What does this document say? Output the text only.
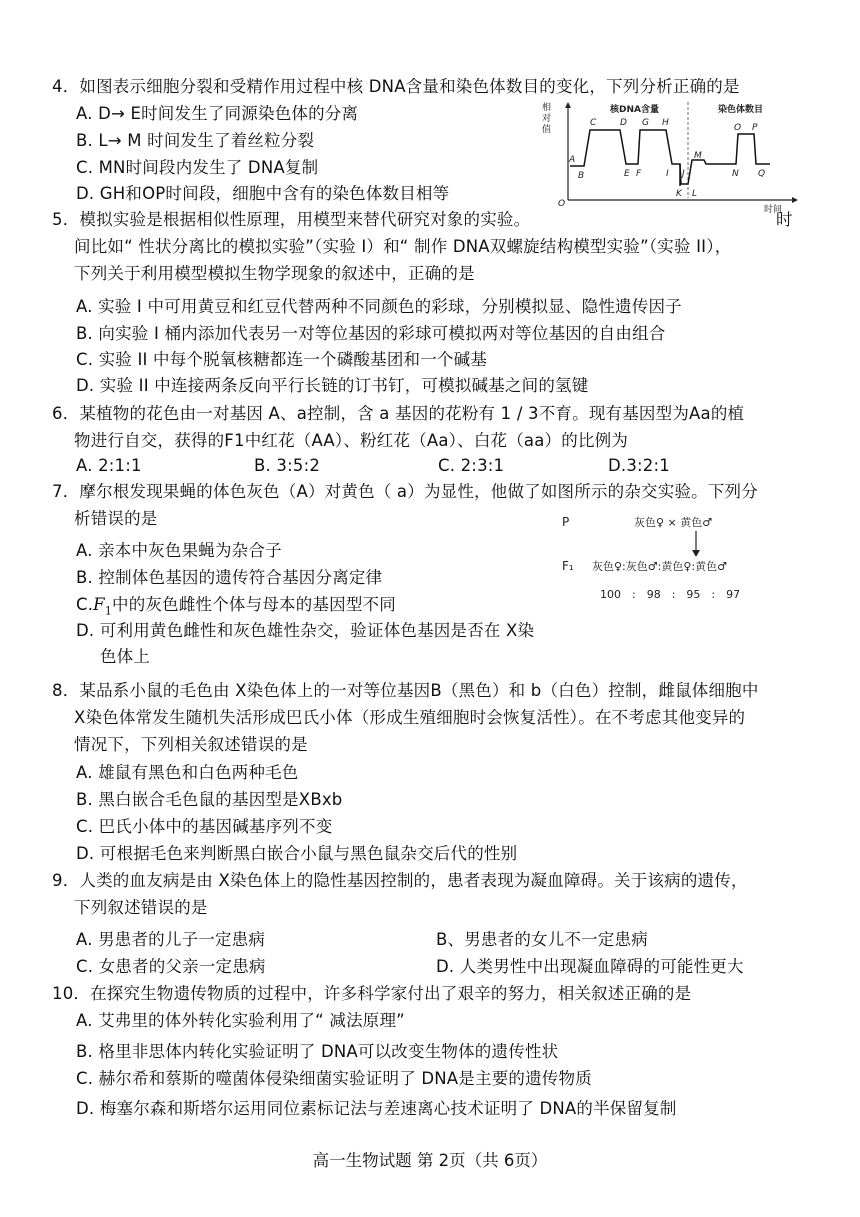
4．如图表示细胞分裂和受精作用过程中核 DNA含量和染色体数目的变化，下列分析正确的是
A. D→ E时间发生了同源染色体的分离
B. L→ M 时间发生了着丝粒分裂
C. MN时间段内发生了 DNA复制
D. GH和OP时间段，细胞中含有的染色体数目相等
相
对
值
核DNA含量	染色体数目
时间
O
A
B
C	D
E F
G H
I J
K L
M
N
O P
Q
5．模拟实验是根据相似性原理，用模型来替代研究对象的实验。	时
间比如“ 性状分离比的模拟实验”（实验 I）和“ 制作 DNA双螺旋结构模型实验”（实验 II），
下列关于利用模型模拟生物学现象的叙述中，正确的是
A. 实验 I 中可用黄豆和红豆代替两种不同颜色的彩球，分别模拟显、隐性遗传因子
B. 向实验 I 桶内添加代表另一对等位基因的彩球可模拟两对等位基因的自由组合
C. 实验 II 中每个脱氧核糖都连一个磷酸基团和一个碱基
D. 实验 II 中连接两条反向平行长链的订书钉，可模拟碱基之间的氢键
6．某植物的花色由一对基因 A、a控制，含 a 基因的花粉有 1 / 3不育。现有基因型为Aa的植
物进行自交，获得的F1中红花（AA）、粉红花（Aa）、白花（aa）的比例为
A. 2:1:1	B. 3:5:2	C. 2:3:1	D.3:2:1
7．摩尔根发现果蝇的体色灰色（A）对黄色（ a）为显性，他做了如图所示的杂交实验。下列分
析错误的是
A. 亲本中灰色果蝇为杂合子
B. 控制体色基因的遗传符合基因分离定律
$C.F_1$中的灰色雌性个体与母本的基因型不同
D. 可利用黄色雌性和灰色雄性杂交，验证体色基因是否在 X染
色体上
P	灰色♀ × 黄色♂
F₁ 灰色♀:灰色♂:黄色♀:黄色♂
100　:　98　:　95　:　97
8．某品系小鼠的毛色由 X染色体上的一对等位基因B（黑色）和 b（白色）控制，雌鼠体细胞中
X染色体常发生随机失活形成巴氏小体（形成生殖细胞时会恢复活性）。在不考虑其他变异的
情况下，下列相关叙述错误的是
A. 雄鼠有黑色和白色两种毛色
B. 黑白嵌合毛色鼠的基因型是XBxb
C. 巴氏小体中的基因碱基序列不变
D. 可根据毛色来判断黑白嵌合小鼠与黑色鼠杂交后代的性别
9．人类的血友病是由 X染色体上的隐性基因控制的，患者表现为凝血障碍。关于该病的遗传，
下列叙述错误的是
A. 男患者的儿子一定患病	B、男患者的女儿不一定患病
C. 女患者的父亲一定患病	D. 人类男性中出现凝血障碍的可能性更大
10．在探究生物遗传物质的过程中，许多科学家付出了艰辛的努力，相关叙述正确的是
A. 艾弗里的体外转化实验利用了“ 减法原理”
B. 格里非思体内转化实验证明了 DNA可以改变生物体的遗传性状
C. 赫尔希和蔡斯的噬菌体侵染细菌实验证明了 DNA是主要的遗传物质
D. 梅塞尔森和斯塔尔运用同位素标记法与差速离心技术证明了 DNA的半保留复制
高一生物试题 第 2页（共 6页）
